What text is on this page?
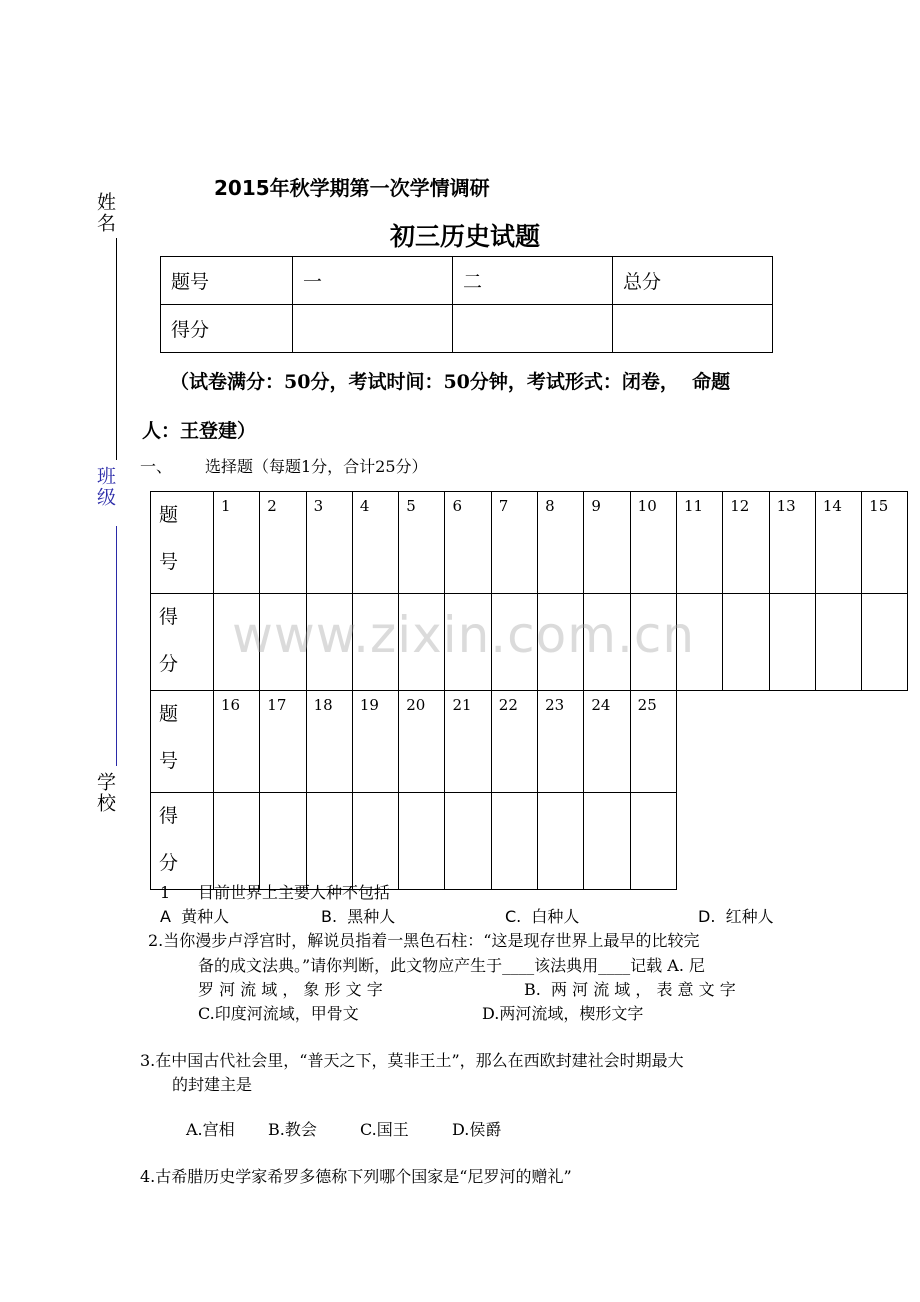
姓名
班级
学校
2015年秋学期第一次学情调研
初三历史试题
题号	一	二	总分
得分			
（试卷满分：50分，考试时间：50分钟，考试形式：闭卷，  命题
人：王登建）
一、 选择题（每题1分，合计25分）
题
号	1	2	3	4	5	6	7	8	9	10	11	12	13	14	15

得
分															

题
号	16	17	18	19	20	21	22	23	24	25					

得
分															

www.zixin.com.cn
1 目前世界上主要人种不包括
A  黄种人	B.  黑种人	C.  白种人	D.  红种人
2.当你漫步卢浮宫时，解说员指着一黑色石柱：“这是现存世界上最早的比较完
备的成文法典。”请你判断，此文物应产生于____该法典用____记载 A. 尼
罗 河 流 域 ， 象 形 文 字	B.  两 河 流 域 ， 表 意 文 字
C.印度河流域，甲骨文	D.两河流域，楔形文字
3.在中国古代社会里，“普天之下，莫非王土”，那么在西欧封建社会时期最大
的封建主是
A.宫相 B.教会	C.国王	D.侯爵
4.古希腊历史学家希罗多德称下列哪个国家是“尼罗河的赠礼”
